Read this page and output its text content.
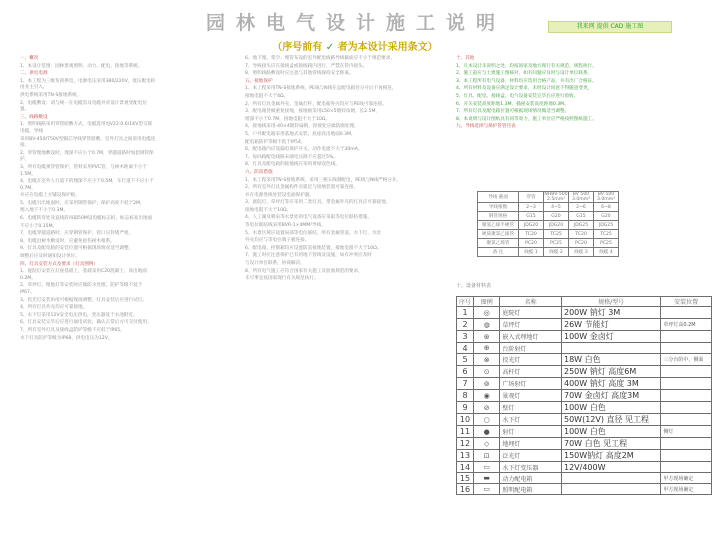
园林电气设计施工说明
（序号前有 ✓ 者为本设计采用条文）
我来网 提供 CAD 施工图

一、概况

1、本设计范围：园林景观照明、动力、配电、接地等系统。

二、供电电源

1、本工程为三级负荷供电，电源电压采用380/220V，低压配电柜由业主引入，

供电系统采用TN-S接地系统。

2、电缆敷设：请与统一在电缆沟及电缆井旁设计景观变配电位置。

三、线路敷设

1、照明线路采用穿管暗敷方式，电缆选用YJV22-0.6/1KV型交联电缆，导线

采用BV-450/750V型铜芯导线穿管暗敷，室外灯具之间采用电缆连接。

2、穿管埋地敷设时，埋深不应小于0.7M，穿越道路时加套钢管保护。

3、所有电缆须穿管保护，管材采用PVC管，与树木距离不小于1.5M。

4、电缆在室外人行道下的埋深不应小于0.5M，车行道下不应小于0.7M，

并应在电缆上方铺设保护板。

5、电缆引出地面时，应采用钢管保护，保护高度不低于2M，

埋入地下不小于0.3M。

6、电缆转弯处及直线段每隔50M设电缆标志桩，标志桩高出地面

不应小于0.15M。

7、电缆穿越道路时，应穿钢管保护，管口应封堵严密。

8、电缆沿树木敷设时，应避免损伤树木根系。

9、灯具及配电箱的安装位置可根据现场情况适当调整，

调整后应及时通知设计单位。

四、灯具安装方式及要求（灯具图例）

1、庭院灯安装在灯座基础上，基础采用C20混凝土，高出地面0.2M。

2、草坪灯、埋地灯等安装时应做防水处理，防护等级不低于IP67。

3、投光灯安装角度可根据现场调整，灯具安装后应进行试灯。

4、所有灯具外壳均应可靠接地。

5、水下灯采用12V安全电压供电，变压器设于水池附近。

6、灯具安装完毕后应进行通电试验，确认正常后方可交付使用。

7、所有室外灯具及接线盒防护等级不应低于IP65，

水下灯具防护等级为IP68，供电电压为12V。

6、地下埋、架空、埋管布设的室外配电线路导线截面应不小于规范要求，

7、导线接头应在接线盒或接线箱内进行，严禁在管内接头。

8、照明线路敷设时应注意与其他管线保持安全距离。

五、接地保护

1、本工程采用TN-S接地系统，PE线与N线在总配电箱处分开后不再相连，

接地电阻不大于4Ω。

2、所有灯具金属外壳、金属灯杆、配电箱外壳均应与PE线可靠连接。

3、配电箱处做重复接地，接地极采用L50×5镀锌角钢，长2.5M，

埋深不小于0.7M，接地电阻不大于10Ω。

4、接地线采用-40×4镀锌扁钢，焊接处应做防腐处理。

5、户外配电箱采用落地式安装，底座高出地面0.3M，

配电箱防护等级不低于IP54。

6、配电箱内应设漏电保护开关，动作电流不大于30mA。

7、每回路配电线路末端电压降不应超过5%。

8、灯具及配电箱的接地线应采用黄绿双色线。

六、防雷措施

1、本工程采用TN-S接地系统，采用三相五线制配电，PE线与N线严格分开。

2、所有室外灯具金属构件应就近与接地装置可靠连接，

并在电源进线处装设电涌保护器。

3、庭院灯、草坪灯等应采用二类灯具，带金属外壳的灯具应可靠接地，

接地电阻不大于10Ω。

4、人工湖及喷泉等水景处的电气设备应采取等电位联结措施，

等电位联结线采用BVR-1×4MM²导线。

5、水景区域应设置局部等电位联结，所有金属管道、水下灯、水泵

外壳均应与等电位端子板连接。

6、配电箱、控制箱均应设置防雷接地装置，接地电阻不大于10Ω。

7、施工时应注意保护已有的地下管线及设施，如有冲突应及时

与设计单位联系，协商解决。

8、所有电气施工应符合国家有关施工及验收规范的要求，

未尽事宜按国家现行有关规范执行。

十、其他

1、凡本设计未说明之处，均按国家及地方现行有关规范、规程执行。

2、施工前应与土建施工图核对，如有问题应及时与设计单位联系。

3、本工程所有电气设备、材料均应选用合格产品，并有出厂合格证。

4、所有材料及设备应满足设计要求，未经设计同意不得随意变更。

5、灯具、配电、接线盒、电气设备安装完毕后应进行验收。

6、开关安装高度距地1.3M，插座安装高度距地0.3M。

7、所有灯具及配电箱位置可根据现场情况做适当调整。

8、本说明与设计图纸具有同等效力，施工单位应严格按照图纸施工。

九、导线选择与保护管管径表

导线 截面	穿管	NHBV-500 2.5mm²	BV 500 3.0mm²	BV 500 3.0mm²
导线根数	2~3	4~5	2~6	6~8
钢管规格	G15	G20	G15	G20
聚氯乙烯半硬管	JDG20	JDG20	JDG25	JDG25
硬质聚氯乙烯管	TC20	TC25	TC20	TC25
聚氯乙烯管	PC20	PC25	PC20	PC25
备 注	线缆 1	线缆 2	线缆 3	线缆 4
十、设备材料表
序号	图例	名称	规格/型号	安装位置
1	◎	庭院灯	200W 钠灯 3M	
2	◍	草坪灯	26W 节能灯	草坪灯高0.2M
3	⊛	嵌入式埋地灯	100W 金卤灯	
4	⊕	台阶射灯		
5	⊗	投光灯	18W 白色	三分台阶中，侧面
6	⊙	高杆灯	250W 钠灯 高度6M	
7	⊚	广场射灯	400W 钠灯 高度 3M	
8	◉	景观灯	70W 金卤灯 高度3M	
9	⊘	壁灯	100W 白色	
10	○	水下灯	50W(12V) 直径 见工程	
11	●	射灯	100W 白色	侧灯
12	◇	地埋灯	70W 白色 见工程	
13	⊡	泛光灯	150W钠灯 高度2M	
14	▭	水下灯变压器	12V/400W	
15	▬	动力配电箱		甲方现场确定
16	▭	照明配电箱		甲方现场确定
